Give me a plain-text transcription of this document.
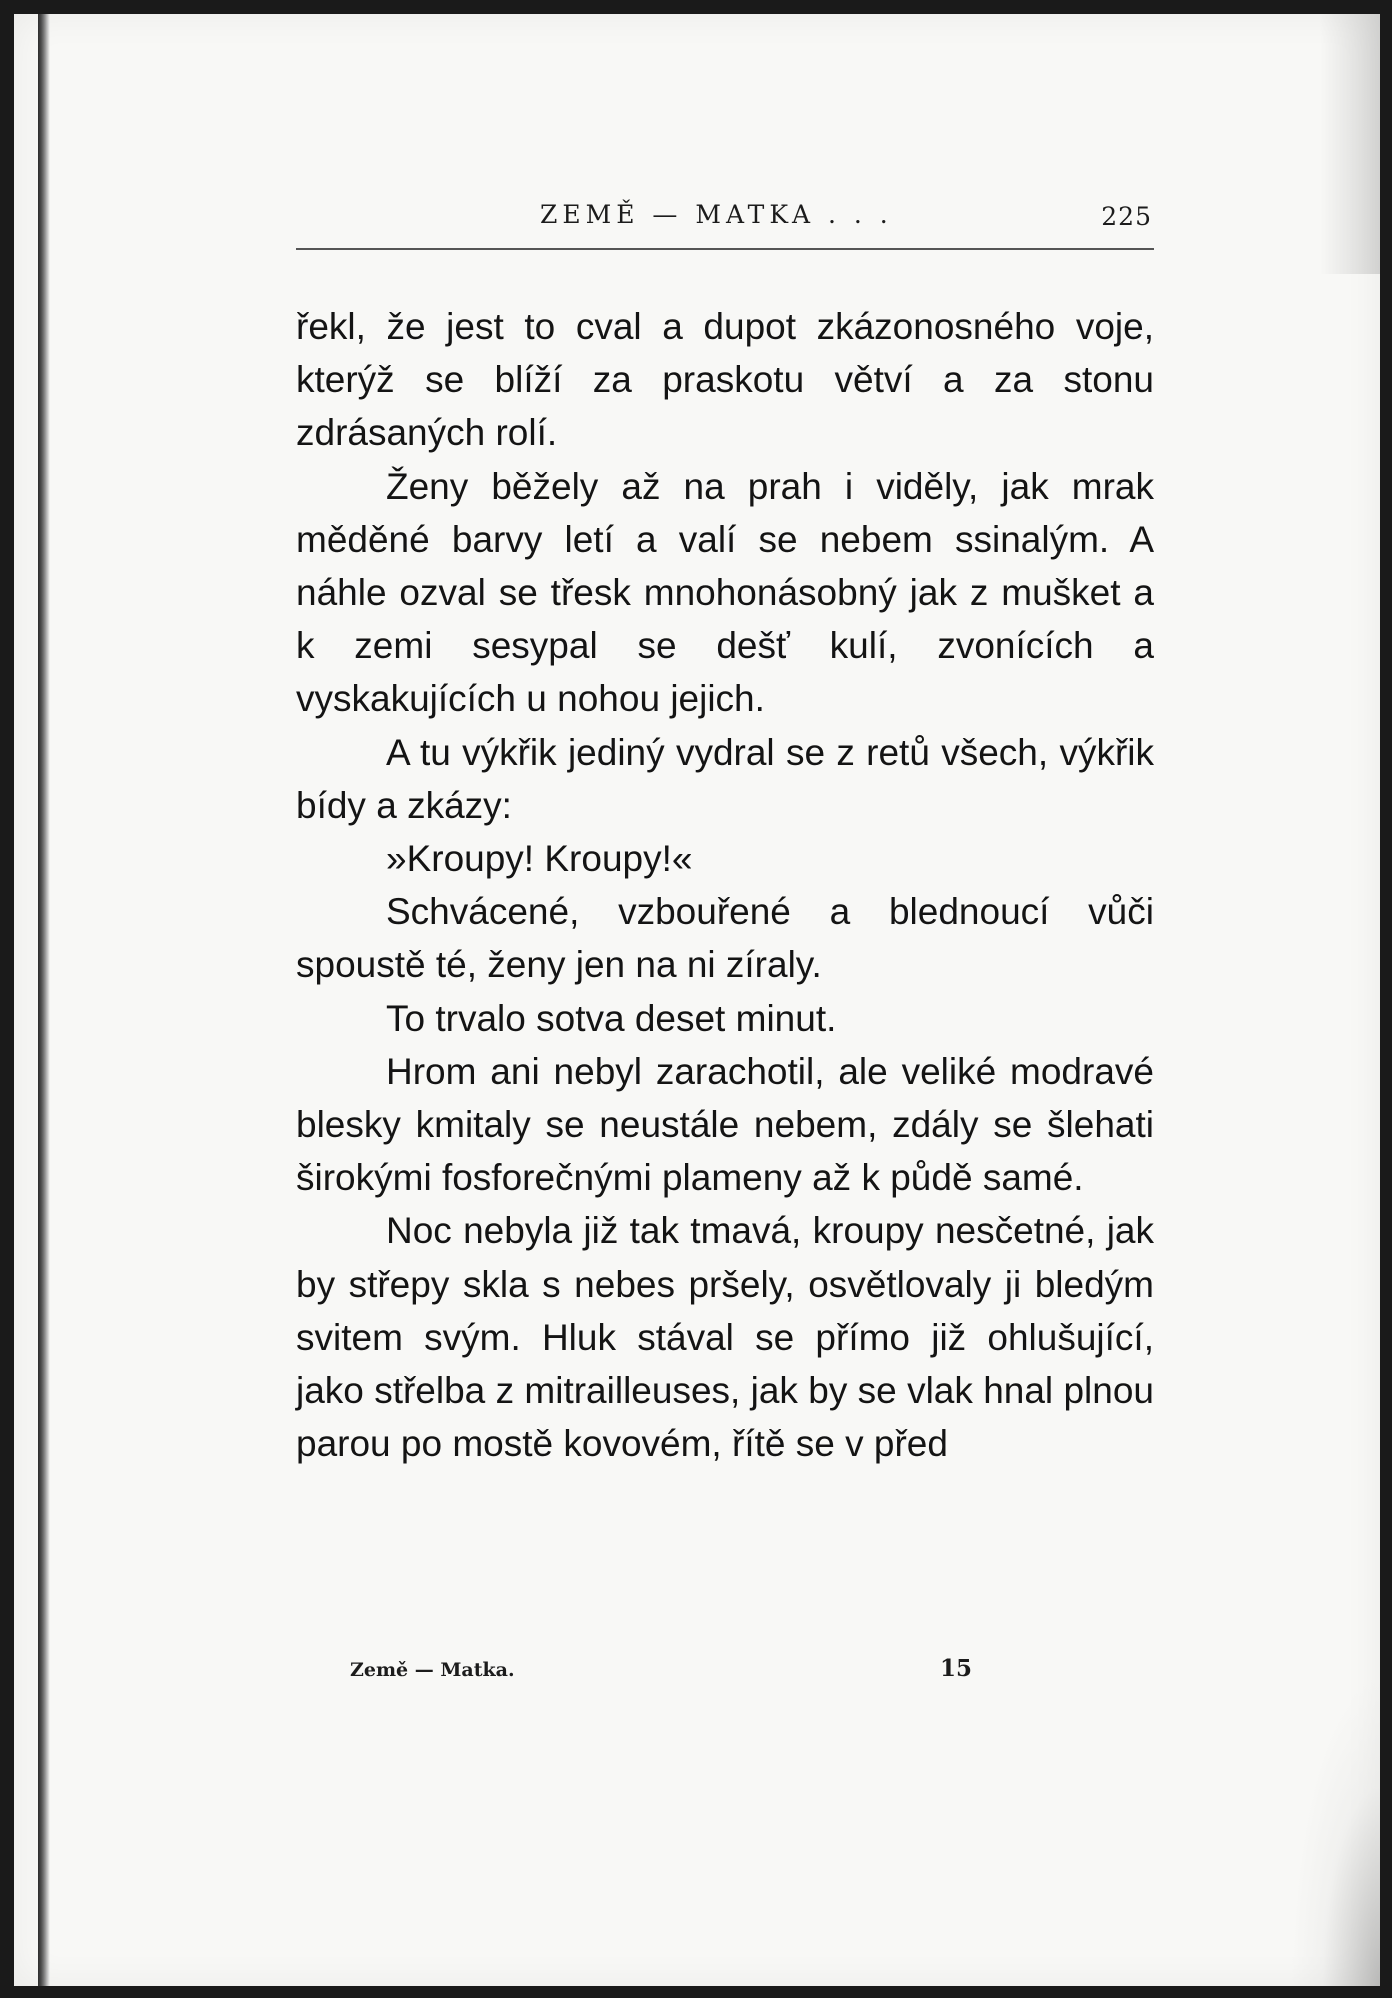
ZEMĚ — MATKA . . .	225

řekl, že jest to cval a dupot zkázonosného voje, kterýž se blíží za praskotu větví a za stonu zdrásaných rolí.

Ženy běžely až na prah i viděly, jak mrak měděné barvy letí a valí se nebem ssinalým. A náhle ozval se třesk mnohonásobný jak z mušket a k zemi sesypal se dešť kulí, zvonících a vyskakujících u nohou jejich.

A tu výkřik jediný vydral se z retů všech, výkřik bídy a zkázy:

»Kroupy! Kroupy!«

Schvácené, vzbouřené a blednoucí vůči spoustě té, ženy jen na ni zíraly.

To trvalo sotva deset minut.

Hrom ani nebyl zarachotil, ale veliké modravé blesky kmitaly se neustále nebem, zdály se šlehati širokými fosforečnými plameny až k půdě samé.

Noc nebyla již tak tmavá, kroupy nesčetné, jak by střepy skla s nebes pršely, osvětlovaly ji bledým svitem svým. Hluk stával se přímo již ohlušující, jako střelba z mitrailleuses, jak by se vlak hnal plnou parou po mostě kovovém, řítě se v před

Země — Matka.	15
